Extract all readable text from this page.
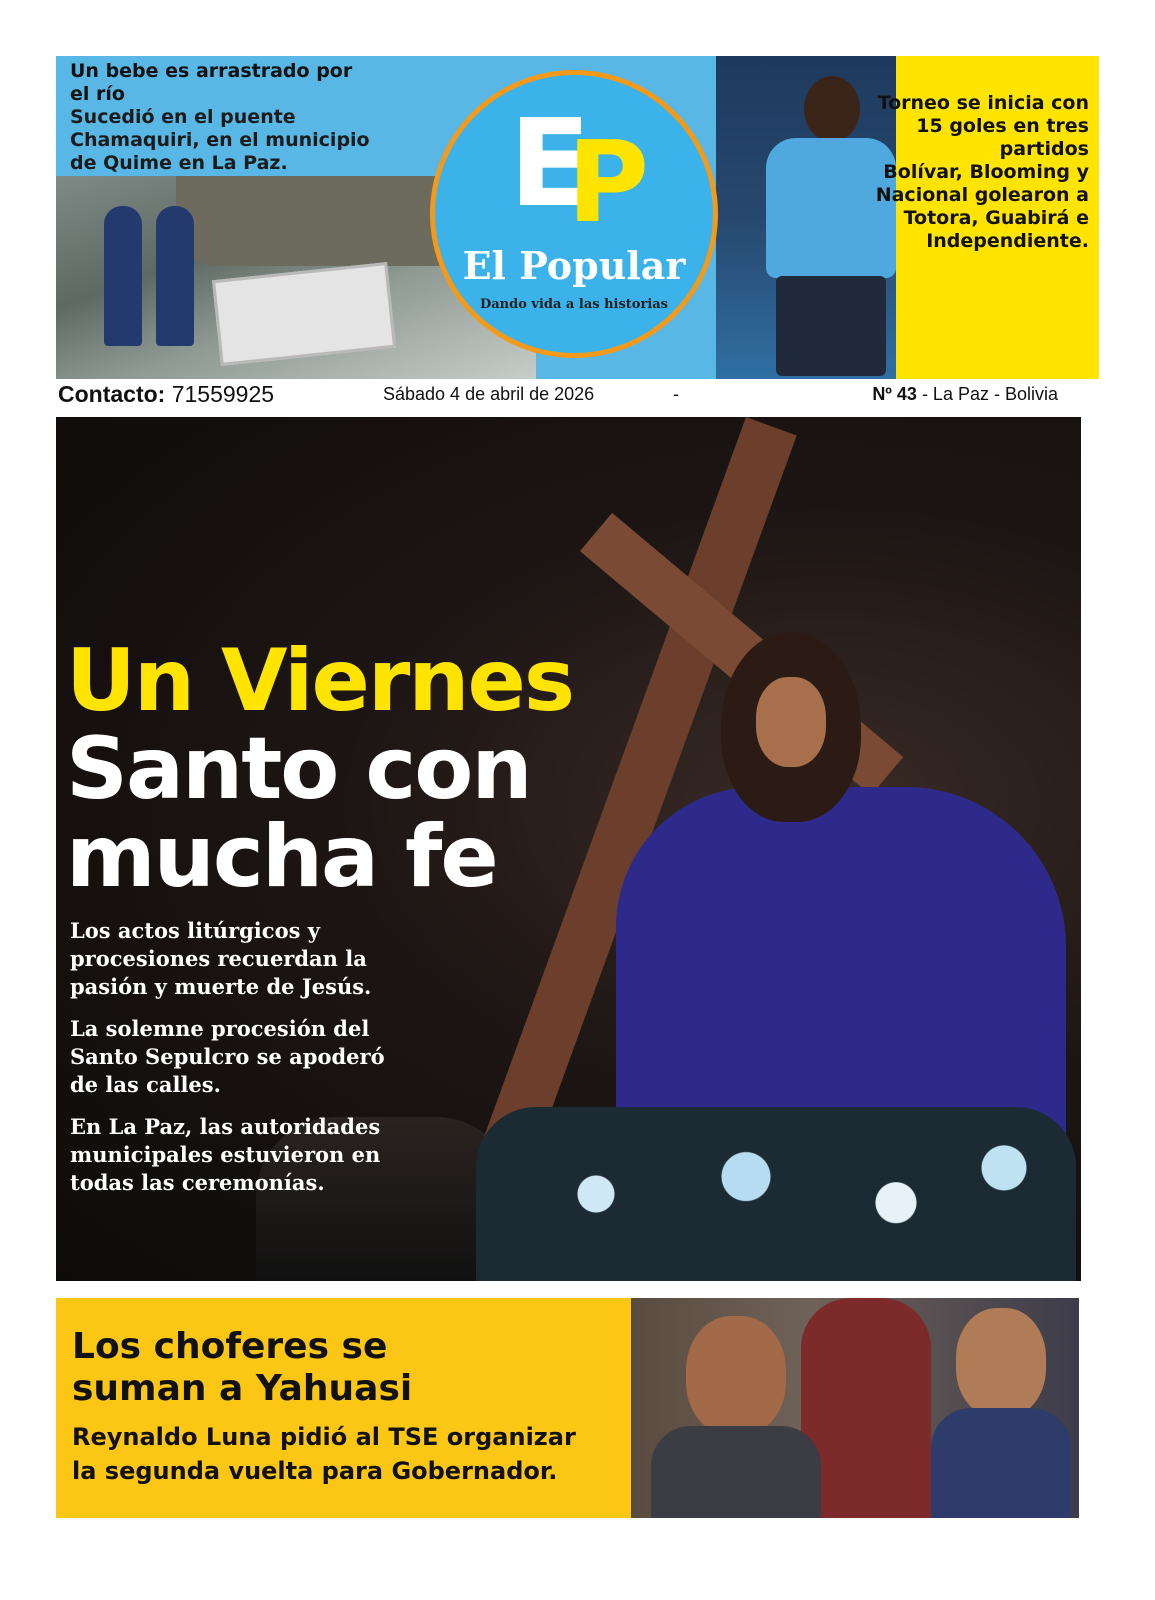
Un bebe es arrastrado por el río
Sucedió en el puente Chamaquiri, en el municipio de Quime en La Paz.	E
P
El Popular
Dando vida a las historias
Torneo se inicia con 15 goles en tres partidos
Bolívar, Blooming y Nacional golearon a Totora, Guabirá e Independiente.
Contacto: 71559925	Sábado 4 de abril de 2026	-	Nº 43 - La Paz - Bolivia
Un Viernes
Santo con
mucha fe

Los actos litúrgicos y procesiones recuerdan la pasión y muerte de Jesús.

La solemne procesión del Santo Sepulcro se apoderó de las calles.

En La Paz, las autoridades municipales estuvieron en todas las ceremonías.

Los choferes se
suman a Yahuasi
Reynaldo Luna pidió al TSE organizar
la segunda vuelta para Gobernador.
